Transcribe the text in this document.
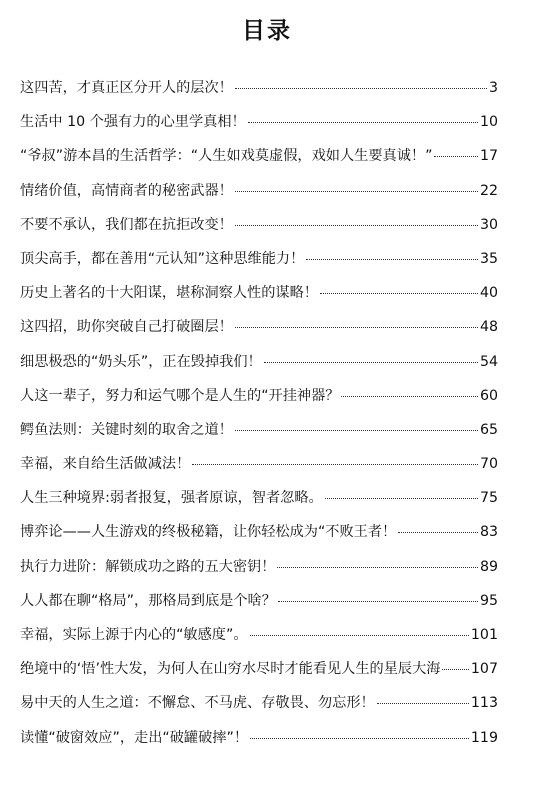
目录
这四苦，才真正区分开人的层次！	3
生活中 10 个强有力的心里学真相！	10
“爷叔”游本昌的生活哲学：“人生如戏莫虚假，戏如人生要真诚！”	17
情绪价值，高情商者的秘密武器！	22
不要不承认，我们都在抗拒改变！	30
顶尖高手，都在善用“元认知”这种思维能力！	35
历史上著名的十大阳谋，堪称洞察人性的谋略！	40
这四招，助你突破自己打破圈层！	48
细思极恐的“奶头乐”，正在毁掉我们！	54
人这一辈子，努力和运气哪个是人生的“开挂神器？	60
鳄鱼法则：关键时刻的取舍之道！	65
幸福，来自给生活做减法！	70
人生三种境界:弱者报复，强者原谅，智者忽略。	75
博弈论——人生游戏的终极秘籍，让你轻松成为“不败王者！	83
执行力进阶：解锁成功之路的五大密钥！	89
人人都在聊“格局”，那格局到底是个啥？	95
幸福，实际上源于内心的“敏感度”。	101
绝境中的‘悟’性大发，为何人在山穷水尽时才能看见人生的星辰大海 107
易中天的人生之道：不懈怠、不马虎、存敬畏、勿忘形！	113
读懂“破窗效应”，走出“破罐破摔”！	119
